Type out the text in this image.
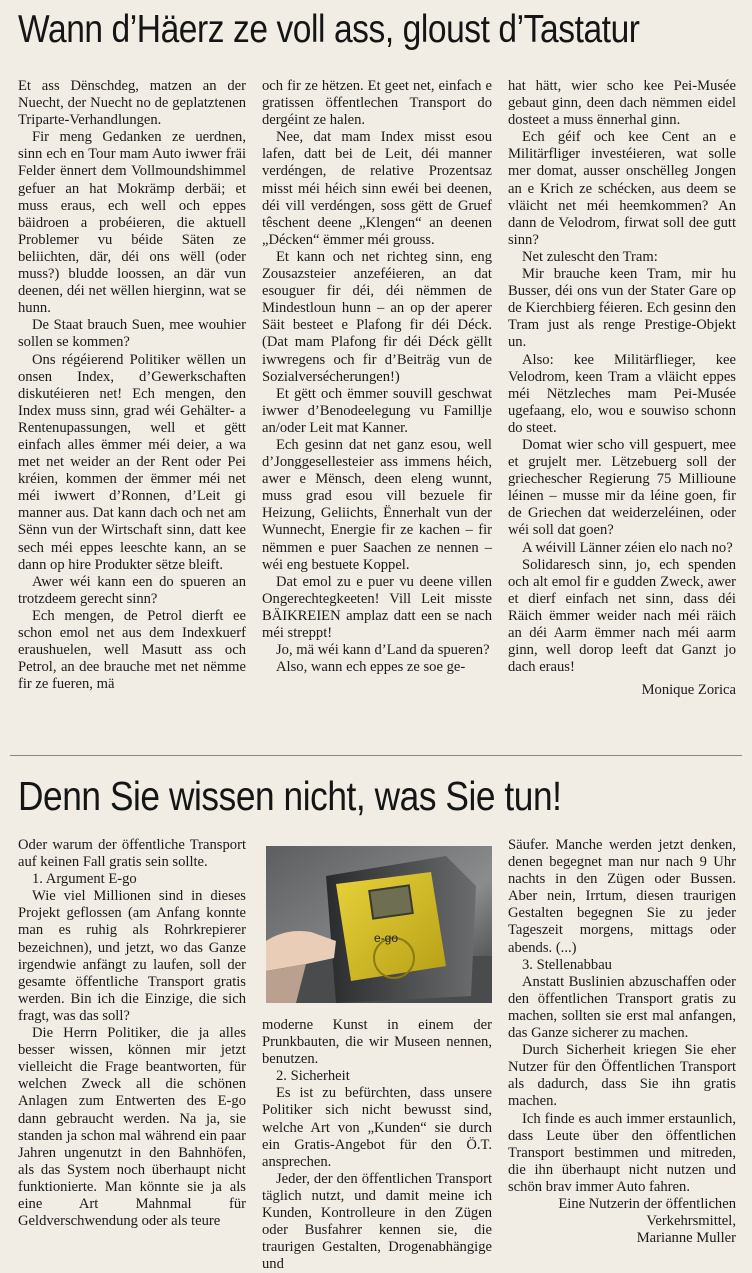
Wann d’Häerz ze voll ass, gloust d’Tastatur

Et ass Dënschdeg, matzen an der Nuecht, der Nuecht no de geplatztenen Triparte-Verhandlungen.

Fir meng Gedanken ze uerdnen, sinn ech en Tour mam Auto iwwer fräi Felder ënnert dem Vollmoundshimmel gefuer an hat Mokrämp derbäi; et muss eraus, ech well och eppes bäidroen a probéieren, die aktuell Problemer vu béide Säten ze beliichten, där, déi ons wëll (oder muss?) bludde loossen, an där vun deenen, déi net wëllen hierginn, wat se hunn.

De Staat brauch Suen, mee wouhier sollen se kommen?

Ons régéierend Politiker wëllen un onsen Index, d’Gewerkschaften diskutéieren net! Ech mengen, den Index muss sinn, grad wéi Gehälter- a Rentenupassungen, well et gëtt einfach alles ëmmer méi deier, a wa met net weider an der Rent oder Pei kréien, kommen der ëmmer méi net méi iwwert d’Ronnen, d’Leit gi manner aus. Dat kann dach och net am Sënn vun der Wirtschaft sinn, datt kee sech méi eppes leeschte kann, an se dann op hire Produkter sëtze bleift.

Awer wéi kann een do spueren an trotzdeem gerecht sinn?

Ech mengen, de Petrol dierft ee schon emol net aus dem Indexkuerf eraushuelen, well Masutt ass och Petrol, an dee brauche met net nëmme fir ze fueren, mä

och fir ze hëtzen. Et geet net, einfach e gratissen öffentlechen Transport do dergéint ze halen.

Nee, dat mam Index misst esou lafen, datt bei de Leit, déi manner verdéngen, de relative Prozentsaz misst méi héich sinn ewéi bei deenen, déi vill verdéngen, soss gëtt de Gruef têschent deene „Klengen“ an deenen „Décken“ ëmmer méi grouss.

Et kann och net richteg sinn, eng Zousazsteier anzeféieren, an dat esouguer fir déi, déi nëmmen de Mindestloun hunn – an op der aperer Säit besteet e Plafong fir déi Déck. (Dat mam Plafong fir déi Déck gëllt iwwregens och fir d’Beiträg vun de Sozialversécherungen!)

Et gëtt och ëmmer souvill geschwat iwwer d’Benodeelegung vu Famillje an/oder Leit mat Kanner.

Ech gesinn dat net ganz esou, well d’Jonggesellesteier ass immens héich, awer e Mënsch, deen eleng wunnt, muss grad esou vill bezuele fir Heizung, Geliichts, Ënnerhalt vun der Wunnecht, Energie fir ze kachen – fir nëmmen e puer Saachen ze nennen – wéi eng bestuete Koppel.

Dat emol zu e puer vu deene villen Ongerechtegkeeten! Vill Leit misste BÄIKREIEN amplaz datt een se nach méi streppt!

Jo, mä wéi kann d’Land da spueren?

Also, wann ech eppes ze soe ge-

hat hätt, wier scho kee Pei-Musée gebaut ginn, deen dach nëmmen eidel dosteet a muss ënnerhal ginn.

Ech géif och kee Cent an e Militärfliger investéieren, wat solle mer domat, ausser onschëlleg Jongen an e Krich ze schécken, aus deem se vläicht net méi heemkommen? An dann de Velodrom, firwat soll dee gutt sinn?

Net zulescht den Tram:

Mir brauche keen Tram, mir hu Busser, déi ons vun der Stater Gare op de Kierchbierg féieren. Ech gesinn den Tram just als renge Prestige-Objekt un.

Also: kee Militärflieger, kee Velodrom, keen Tram a vläicht eppes méi Nëtzleches mam Pei-Musée ugefaang, elo, wou e souwiso schonn do steet.

Domat wier scho vill gespuert, mee et grujelt mer. Lëtzebuerg soll der griechescher Regierung 75 Millioune léinen – musse mir da léine goen, fir de Griechen dat weiderzeléinen, oder wéi soll dat goen?

A wéivill Länner zéien elo nach no?

Solidaresch sinn, jo, ech spenden och alt emol fir e gudden Zweck, awer et dierf einfach net sinn, dass déi Räich ëmmer weider nach méi räich an déi Aarm ëmmer nach méi aarm ginn, well dorop leeft dat Ganzt jo dach eraus!

Monique Zorica

Denn Sie wissen nicht, was Sie tun!

Oder warum der öffentliche Transport auf keinen Fall gratis sein sollte.

1. Argument E-go

Wie viel Millionen sind in dieses Projekt geflossen (am Anfang konnte man es ruhig als Rohrkrepierer bezeichnen), und jetzt, wo das Ganze irgendwie anfängt zu laufen, soll der gesamte öffentliche Transport gratis werden. Bin ich die Einzige, die sich fragt, was das soll?

Die Herrn Politiker, die ja alles besser wissen, können mir jetzt vielleicht die Frage beantworten, für welchen Zweck all die schönen Anlagen zum Entwerten des E-go dann gebraucht werden. Na ja, sie standen ja schon mal während ein paar Jahren ungenutzt in den Bahnhöfen, als das System noch überhaupt nicht funktionierte. Man könnte sie ja als eine Art Mahnmal für Geldverschwendung oder als teure

e-go

moderne Kunst in einem der Prunkbauten, die wir Museen nennen, benutzen.

2. Sicherheit

Es ist zu befürchten, dass unsere Politiker sich nicht bewusst sind, welche Art von „Kunden“ sie durch ein Gratis-Angebot für den Ö.T. ansprechen.

Jeder, der den öffentlichen Transport täglich nutzt, und damit meine ich Kunden, Kontrolleure in den Zügen oder Busfahrer kennen sie, die traurigen Gestalten, Drogenabhängige und

Säufer. Manche werden jetzt denken, denen begegnet man nur nach 9 Uhr nachts in den Zügen oder Bussen. Aber nein, Irrtum, diesen traurigen Gestalten begegnen Sie zu jeder Tageszeit morgens, mittags oder abends. (...)

3. Stellenabbau

Anstatt Buslinien abzuschaffen oder den öffentlichen Transport gratis zu machen, sollten sie erst mal anfangen, das Ganze sicherer zu machen.

Durch Sicherheit kriegen Sie eher Nutzer für den Öffentlichen Transport als dadurch, dass Sie ihn gratis machen.

Ich finde es auch immer erstaunlich, dass Leute über den öffentlichen Transport bestimmen und mitreden, die ihn überhaupt nicht nutzen und schön brav immer Auto fahren.

Eine Nutzerin der öffentlichen

Verkehrsmittel,

Marianne Muller
